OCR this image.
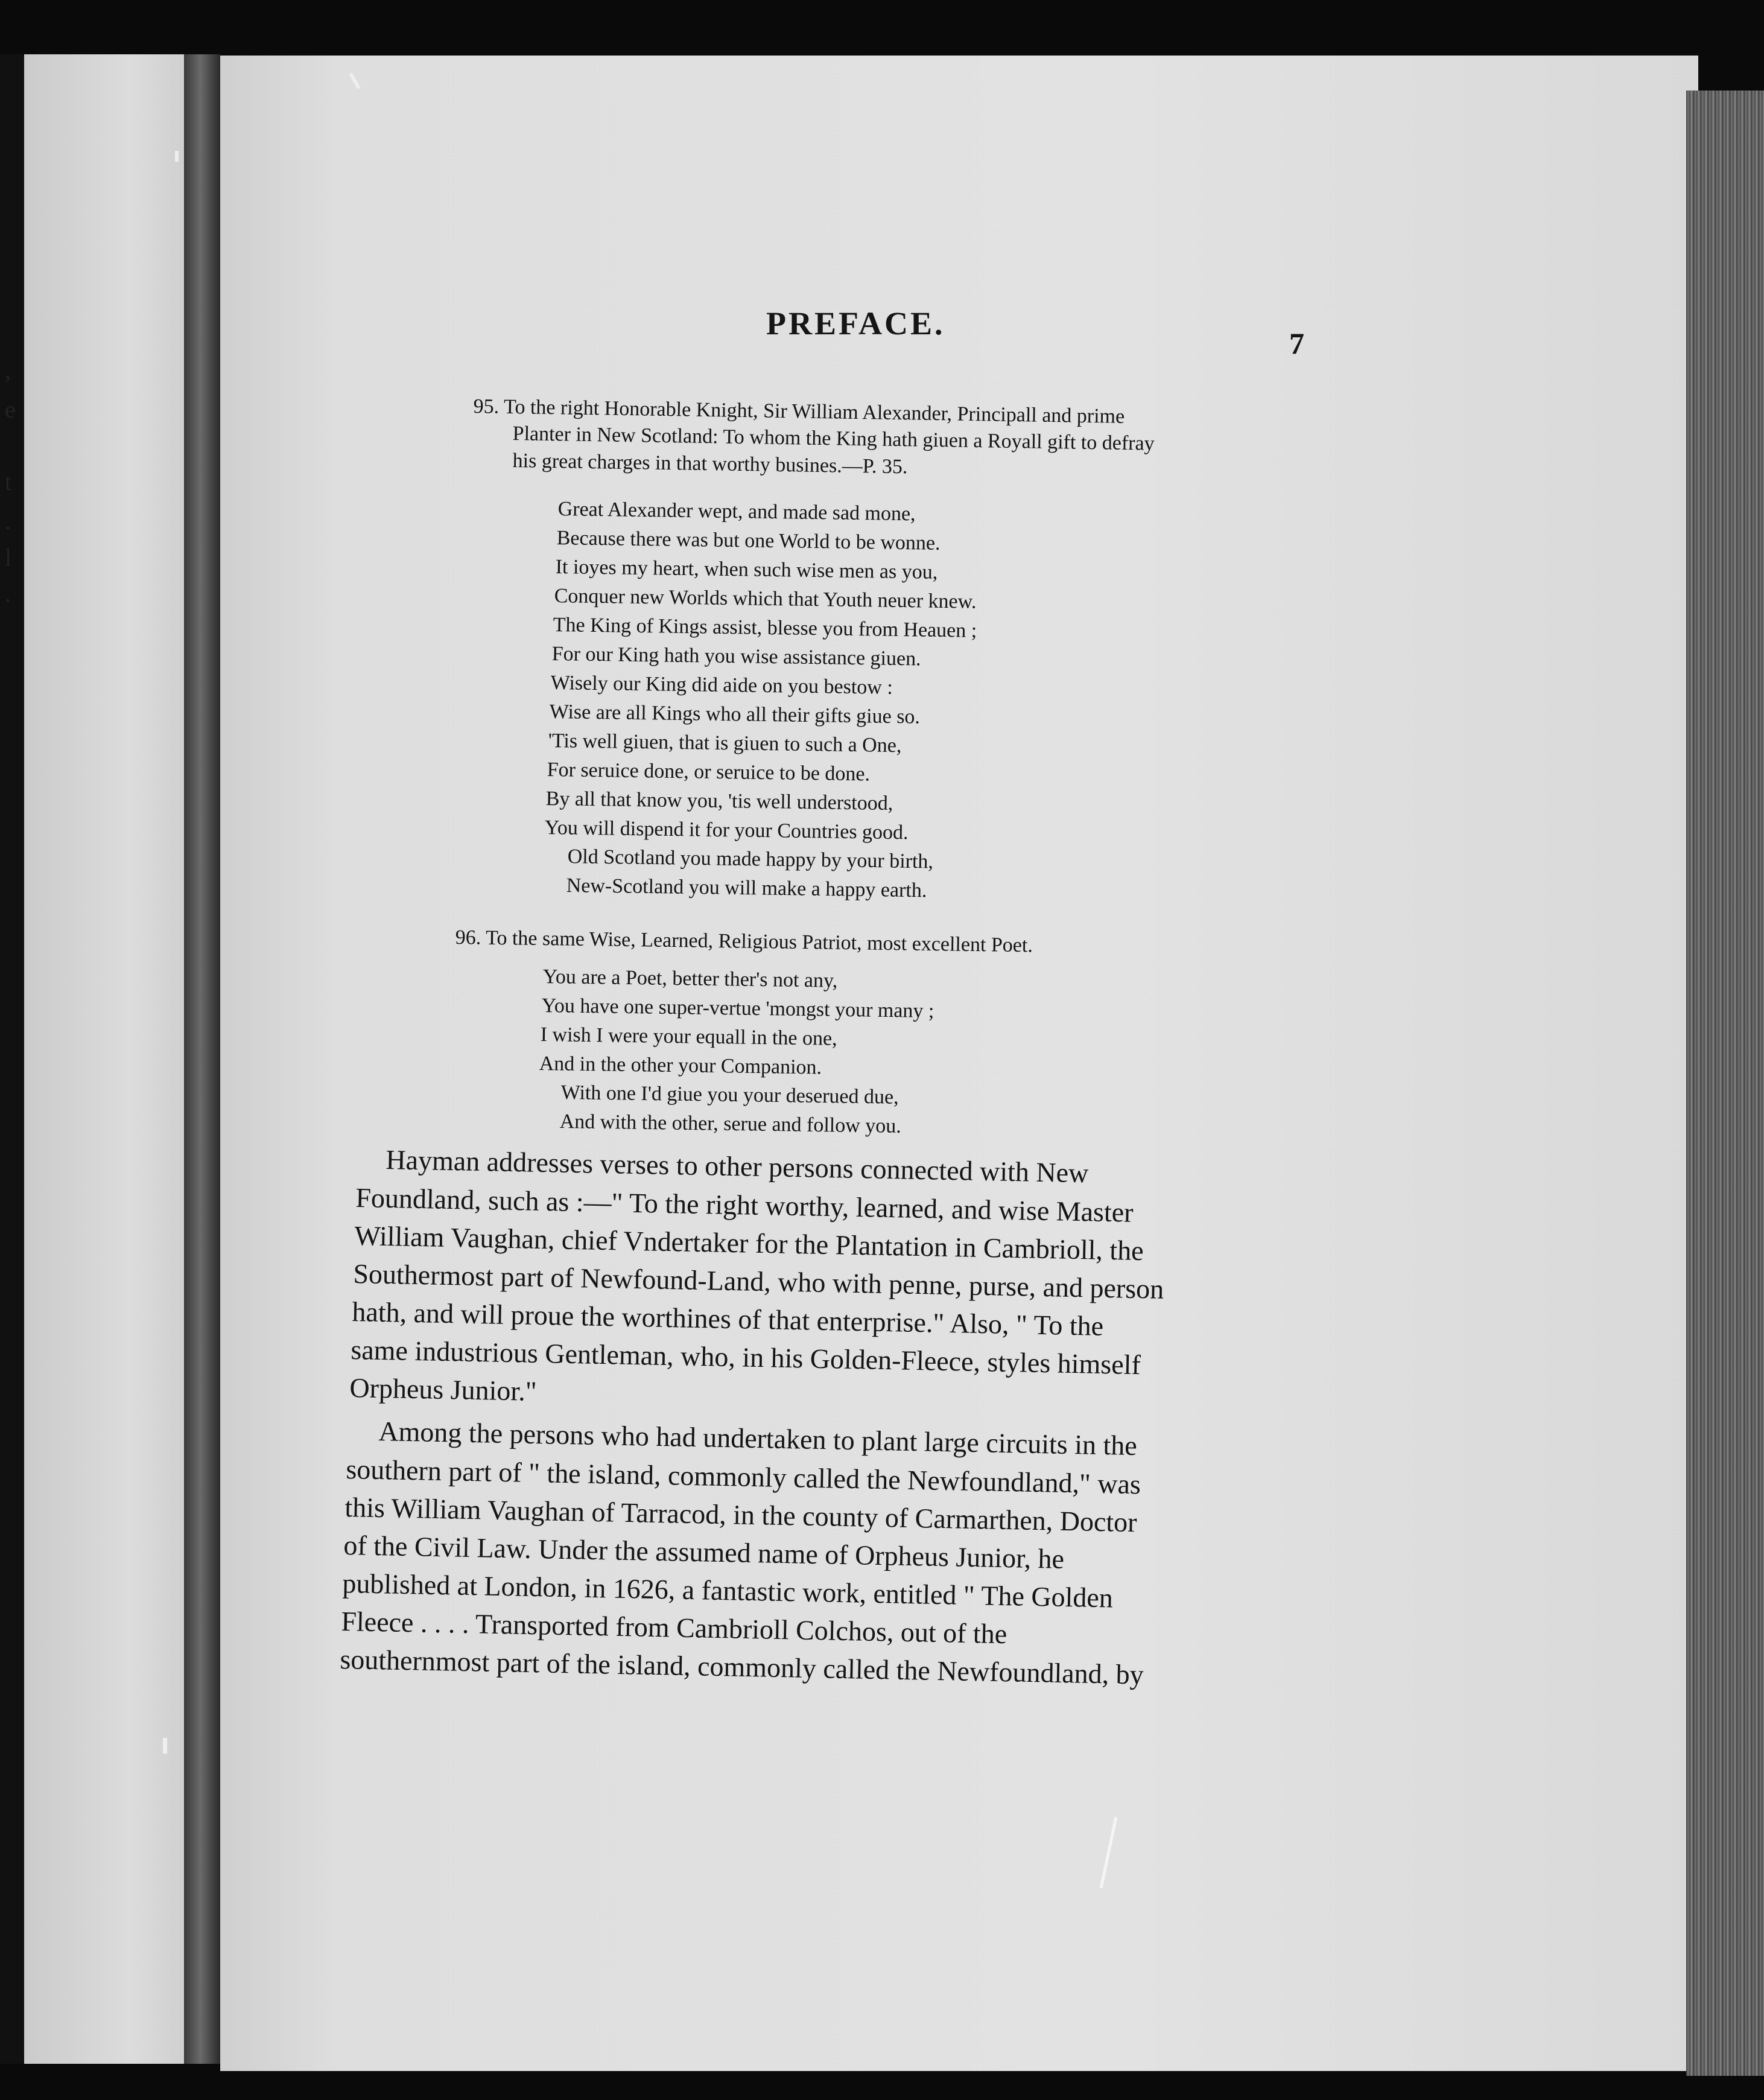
,
e
t
.
l
.
PREFACE.
7
95. To the right Honorable Knight, Sir William Alexander, Principall and prime
Planter in New Scotland: To whom the King hath giuen a Royall gift to defray
his great charges in that worthy busines.—P. 35.
Great Alexander wept, and made sad mone,
Because there was but one World to be wonne.
It ioyes my heart, when such wise men as you,
Conquer new Worlds which that Youth neuer knew.
The King of Kings assist, blesse you from Heauen ;
For our King hath you wise assistance giuen.
Wisely our King did aide on you bestow :
Wise are all Kings who all their gifts giue so.
'Tis well giuen, that is giuen to such a One,
For seruice done, or seruice to be done.
By all that know you, 'tis well understood,
You will dispend it for your Countries good.
Old Scotland you made happy by your birth,
New-Scotland you will make a happy earth.
96. To the same Wise, Learned, Religious Patriot, most excellent Poet.
You are a Poet, better ther's not any,
You have one super-vertue 'mongst your many ;
I wish I were your equall in the one,
And in the other your Companion.
With one I'd giue you your deserued due,
And with the other, serue and follow you.
Hayman addresses verses to other persons connected with New
Foundland, such as :—" To the right worthy, learned, and wise Master
William Vaughan, chief Vndertaker for the Plantation in Cambrioll, the
Southermost part of Newfound-Land, who with penne, purse, and person
hath, and will proue the worthines of that enterprise." Also, " To the
same industrious Gentleman, who, in his Golden-Fleece, styles himself
Orpheus Junior."
Among the persons who had undertaken to plant large circuits in the
southern part of " the island, commonly called the Newfoundland," was
this William Vaughan of Tarracod, in the county of Carmarthen, Doctor
of the Civil Law. Under the assumed name of Orpheus Junior, he
published at London, in 1626, a fantastic work, entitled " The Golden
Fleece . . . . Transported from Cambrioll Colchos, out of the
southernmost part of the island, commonly called the Newfoundland, by
